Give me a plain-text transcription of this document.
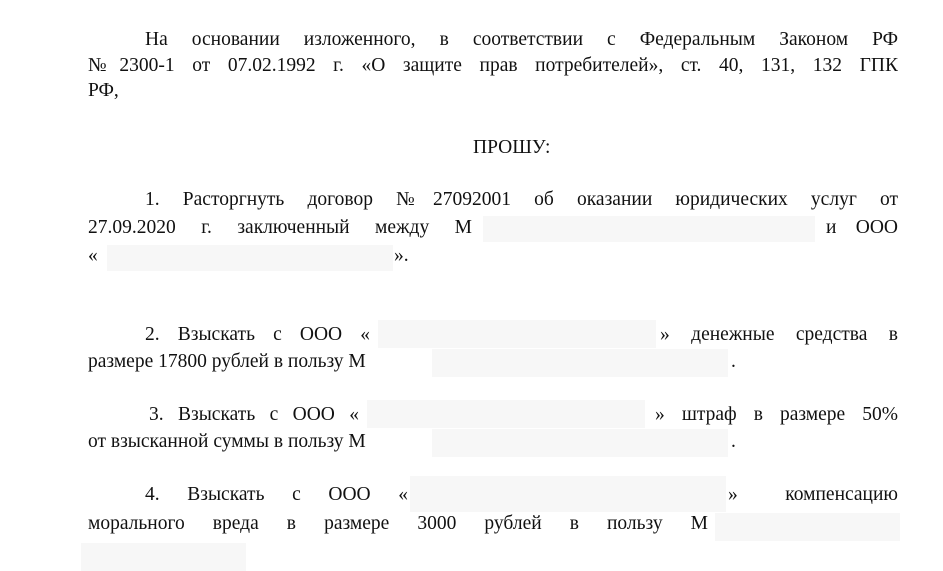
На основании изложенного, в соответствии с Федеральным Законом РФ
№2300-1 от 07.02.1992 г. «О защите прав потребителей», ст. 40, 131, 132 ГПК
РФ,
ПРОШУ:
1. Расторгнуть договор №27092001 об оказании юридических услуг от
27.09.2020 г. заключенный между М	и ООО
«	».
2. Взыскать с ООО «	» денежные средства в
размере 17800 рублей в пользу М	.
3. Взыскать с ООО «	» штраф в размере 50%
от взысканной суммы в пользу М	.
4. Взыскать с ООО «	» компенсацию
морального вреда в размере 3000 рублей в пользу М
